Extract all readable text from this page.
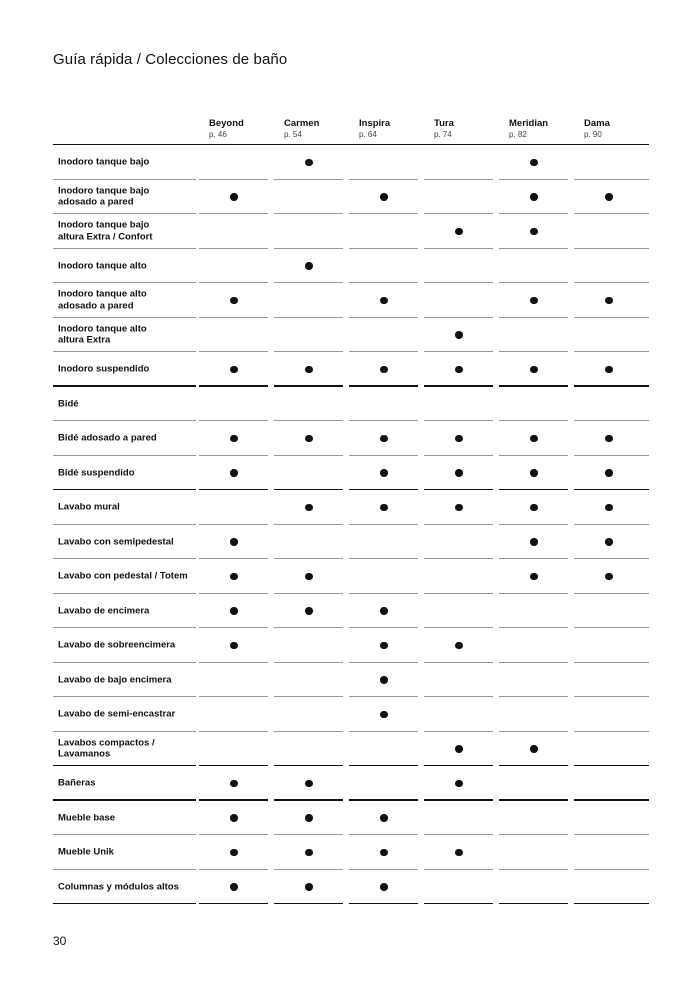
Guía rápida / Colecciones de baño
Beyond
p. 46
Carmen
p. 54
Inspira
p. 64
Tura
p. 74
Meridian
p. 82
Dama
p. 90
Inodoro tanque bajo
Inodoro tanque bajo
adosado a pared
Inodoro tanque bajo
altura Extra / Confort
Inodoro tanque alto
Inodoro tanque alto
adosado a pared
Inodoro tanque alto
altura Extra
Inodoro suspendido
Bidé
Bidé adosado a pared
Bidé suspendido
Lavabo mural
Lavabo con semipedestal
Lavabo con pedestal / Totem
Lavabo de encimera
Lavabo de sobreencimera
Lavabo de bajo encimera
Lavabo de semi-encastrar
Lavabos compactos /
Lavamanos
Bañeras
Mueble base
Mueble Unik
Columnas y módulos altos
30
